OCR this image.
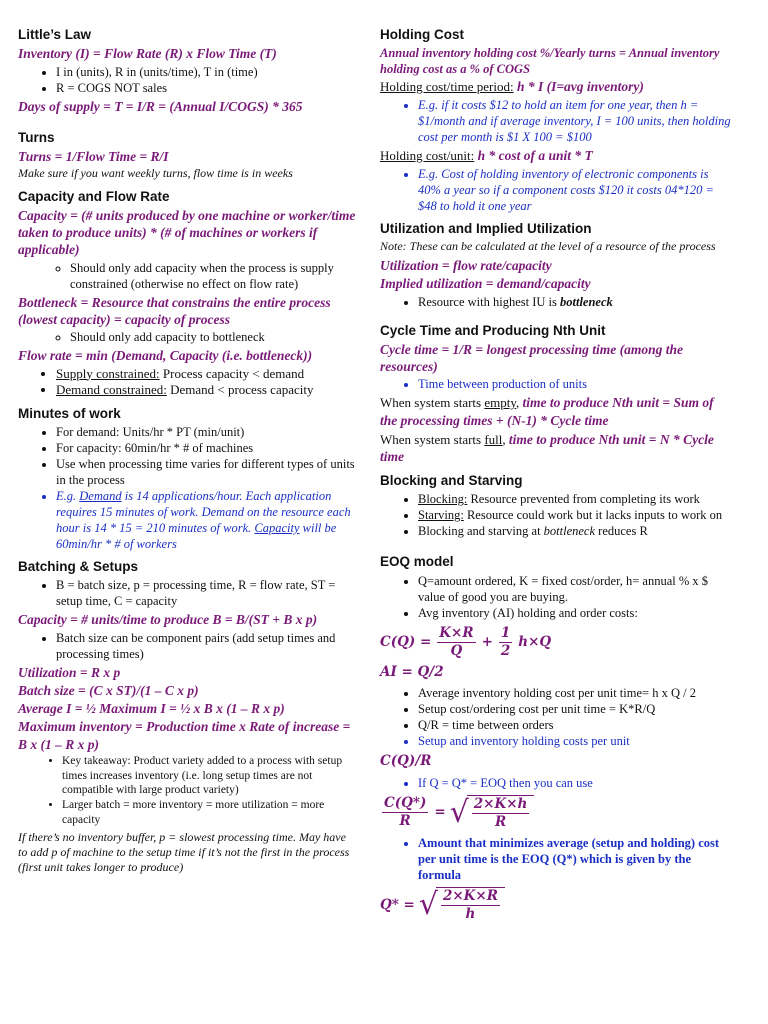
Little’s Law
Inventory (I) = Flow Rate (R) x Flow Time (T)
• I in (units), R in (units/time), T in (time)
• R = COGS NOT sales
Days of supply = T = I/R = (Annual I/COGS) * 365
Turns
Turns = 1/Flow Time = R/I
Make sure if you want weekly turns, flow time is in weeks
Capacity and Flow Rate
Capacity = (# units produced by one machine or worker/time taken to produce units) * (# of machines or workers if applicable)
◦ Should only add capacity when the process is supply constrained (otherwise no effect on flow rate)
Bottleneck = Resource that constrains the entire process (lowest capacity) = capacity of process
◦ Should only add capacity to bottleneck
Flow rate = min (Demand, Capacity (i.e. bottleneck))
• Supply constrained: Process capacity < demand
• Demand constrained: Demand < process capacity
Minutes of work
• For demand: Units/hr * PT (min/unit)
• For capacity: 60min/hr * # of machines
• Use when processing time varies for different types of units in the process
• E.g. Demand is 14 applications/hour. Each application requires 15 minutes of work. Demand on the resource each hour is 14 * 15 = 210 minutes of work. Capacity will be 60min/hr * # of workers
Batching & Setups
• B = batch size, p = processing time, R = flow rate, ST = setup time, C = capacity
Capacity = # units/time to produce B = B/(ST + B x p)
• Batch size can be component pairs (add setup times and processing times)
Utilization = R x p
Batch size = (C x ST)/(1 – C x p)
Average I = ½ Maximum I = ½ x B x (1 – R x p)
Maximum inventory = Production time x Rate of increase = B x (1 – R x p)
• Key takeaway: Product variety added to a process with setup times increases inventory (i.e. long setup times are not compatible with large product variety)
• Larger batch = more inventory = more utilization = more capacity
If there’s no inventory buffer, p = slowest processing time. May have to add p of machine to the setup time if it’s not the first in the process (first unit takes longer to produce)
Holding Cost
Annual inventory holding cost %/Yearly turns = Annual inventory holding cost as a % of COGS
Holding cost/time period: h * I (I=avg inventory)
• E.g. if it costs $12 to hold an item for one year, then h = $1/month and if average inventory, I = 100 units, then holding cost per month is $1 X 100 = $100
Holding cost/unit: h * cost of a unit * T
• E.g. Cost of holding inventory of electronic components is 40% a year so if a component costs $120 it costs 04*120 = $48 to hold it one year
Utilization and Implied Utilization
Note: These can be calculated at the level of a resource of the process
Utilization = flow rate/capacity
Implied utilization = demand/capacity
• Resource with highest IU is bottleneck
Cycle Time and Producing Nth Unit
Cycle time = 1/R = longest processing time (among the resources)
• Time between production of units
When system starts empty, time to produce Nth unit = Sum of the processing times + (N-1) * Cycle time
When system starts full, time to produce Nth unit = N * Cycle time
Blocking and Starving
• Blocking: Resource prevented from completing its work
• Starving: Resource could work but it lacks inputs to work on
• Blocking and starving at bottleneck reduces R
EOQ model
• Q=amount ordered, K = fixed cost/order, h= annual % x $ value of good you are buying.
• Avg inventory (AI) holding and order costs:
$C(Q) = \frac{K\times R}{Q} + \frac{1}{2} h\times Q$
AI = Q/2
• Average inventory holding cost per unit time= h x Q / 2
• Setup cost/ordering cost per unit time = K*R/Q
• Q/R = time between orders
• Setup and inventory holding costs per unit
C(Q)/R
• If Q = Q* = EOQ then you can use
$\frac{C(Q*)}{R}$ = √ $\frac{2\times K\times h}{R}$
• Amount that minimizes average (setup and holding) cost per unit time is the EOQ (Q*) which is given by the formula
Q* = √ $\frac{2\times K\times R}{h}$
